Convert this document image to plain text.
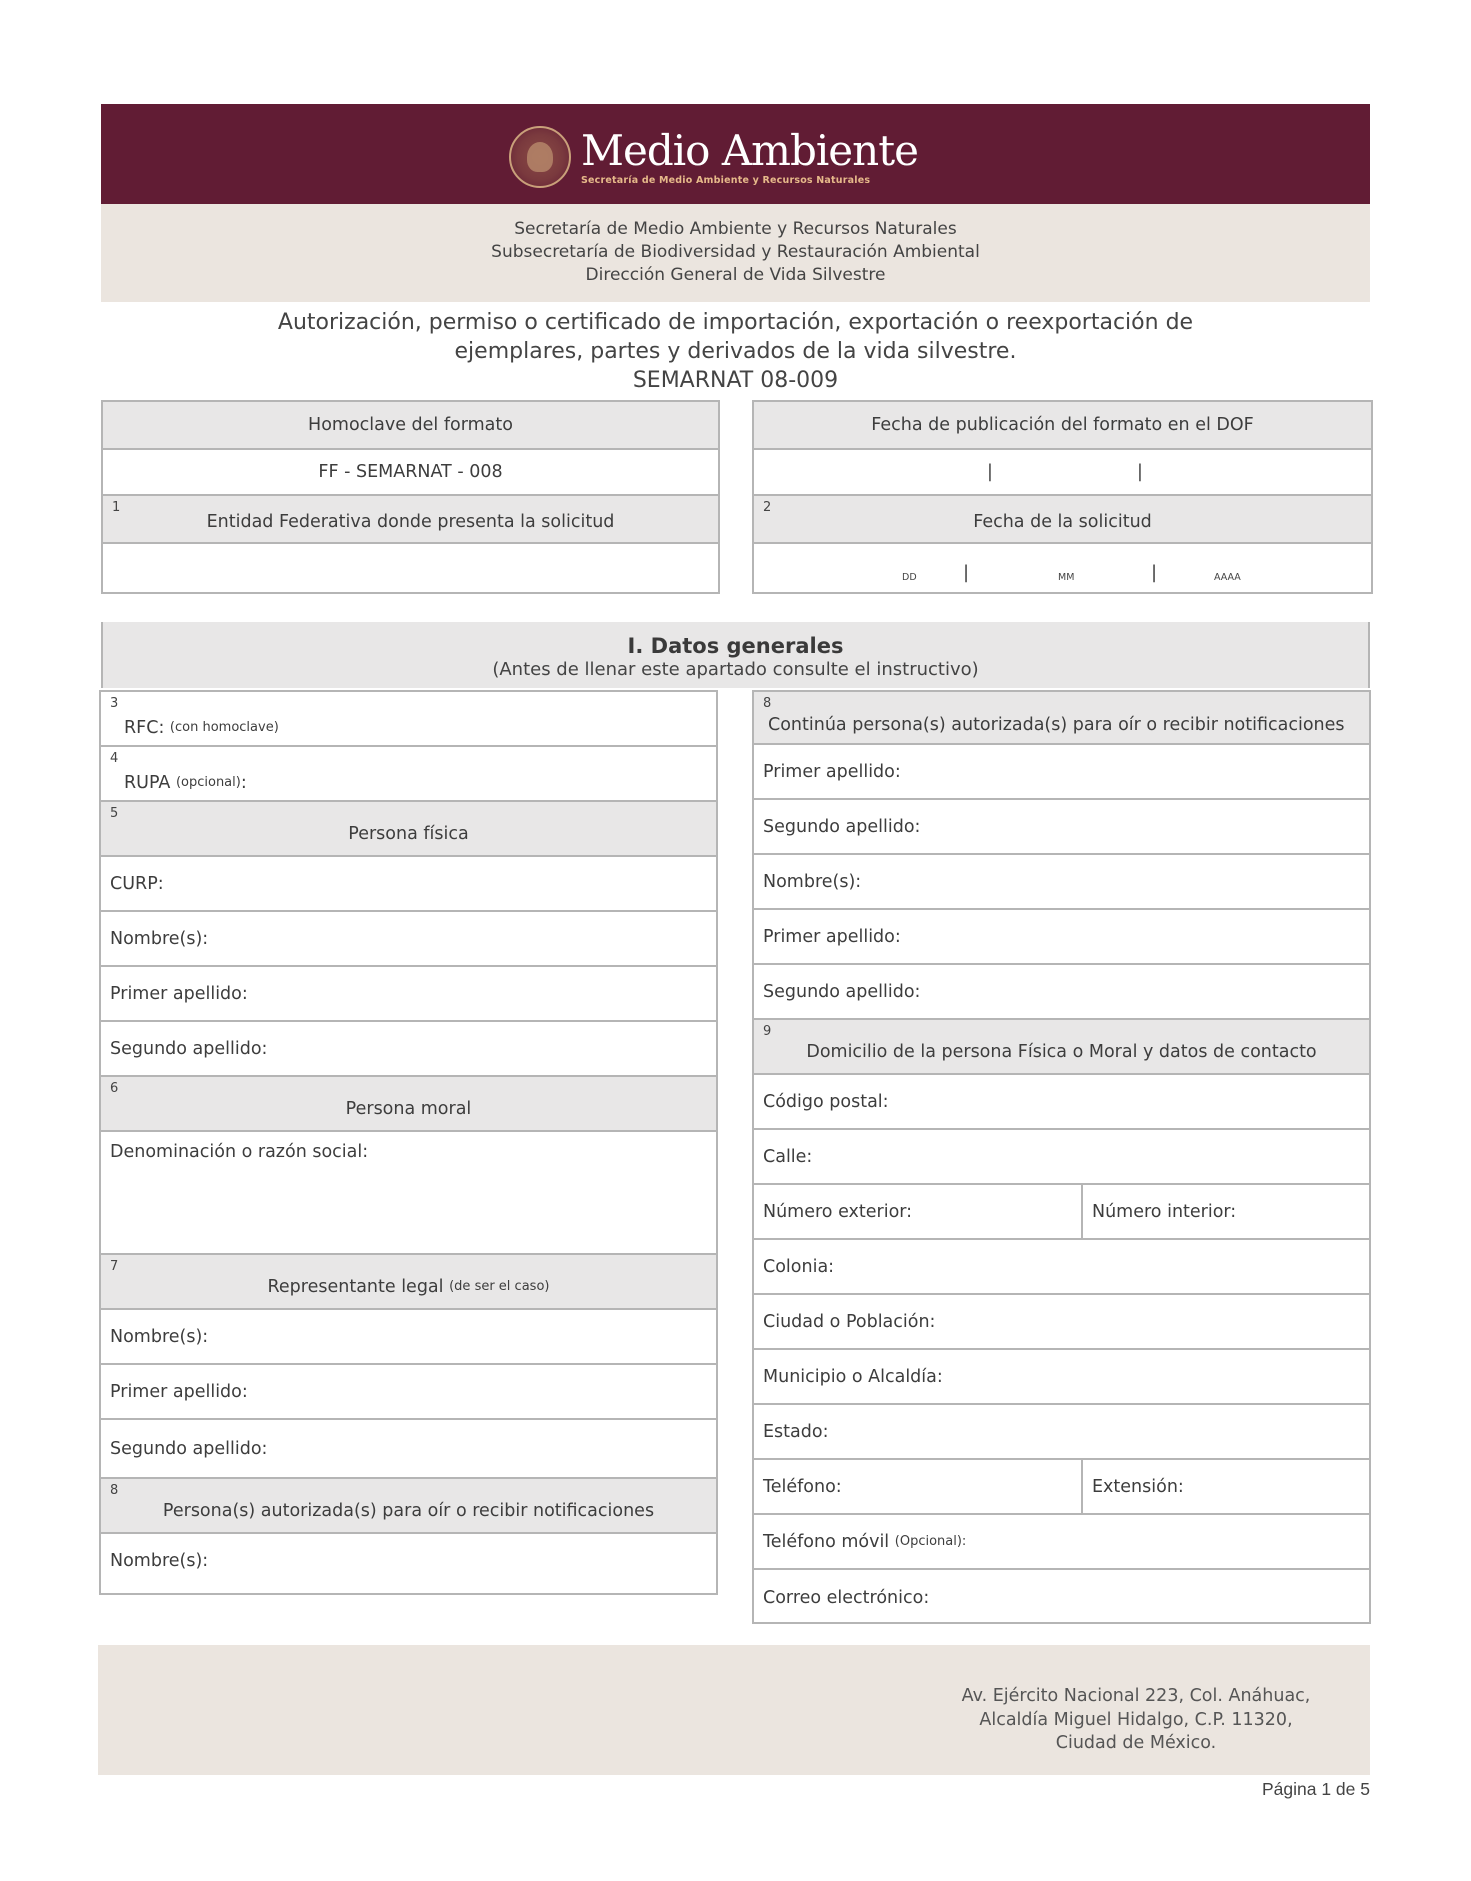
Medio Ambiente
Secretaría de Medio Ambiente y Recursos Naturales
Secretaría de Medio Ambiente y Recursos Naturales
Subsecretaría de Biodiversidad y Restauración Ambiental
Dirección General de Vida Silvestre
Autorización, permiso o certificado de importación, exportación o reexportación de
ejemplares, partes y derivados de la vida silvestre.
SEMARNAT 08-009
Homoclave del formato
FF - SEMARNAT - 008
1
Entidad Federativa donde presenta la solicitud
Fecha de publicación del formato en el DOF
|	|
2
Fecha de la solicitud
DD	|	MM	|	AAAA
I. Datos generales
(Antes de llenar este apartado consulte el instructivo)
3
RFC:
(con homoclave)
4
RUPA
(opcional) :
5
Persona física
CURP:
Nombre(s):
Primer apellido:
Segundo apellido:
6
Persona moral
Denominación o razón social:
7
Representante legal
(de ser el caso)
Nombre(s):
Primer apellido:
Segundo apellido:
8
Persona(s) autorizada(s) para oír o recibir notificaciones
Nombre(s):
8
Continúa persona(s) autorizada(s) para oír o recibir notificaciones
Primer apellido:
Segundo apellido:
Nombre(s):
Primer apellido:
Segundo apellido:
9
Domicilio de la persona Física o Moral y datos de contacto
Código postal:
Calle:
Número exterior:	Número interior:
Colonia:
Ciudad o Población:
Municipio o Alcaldía:
Estado:
Teléfono:	Extensión:
Teléfono móvil
(Opcional):
Correo electrónico:
Av. Ejército Nacional 223, Col. Anáhuac,
Alcaldía Miguel Hidalgo, C.P. 11320,
Ciudad de México.
Página 1 de 5
